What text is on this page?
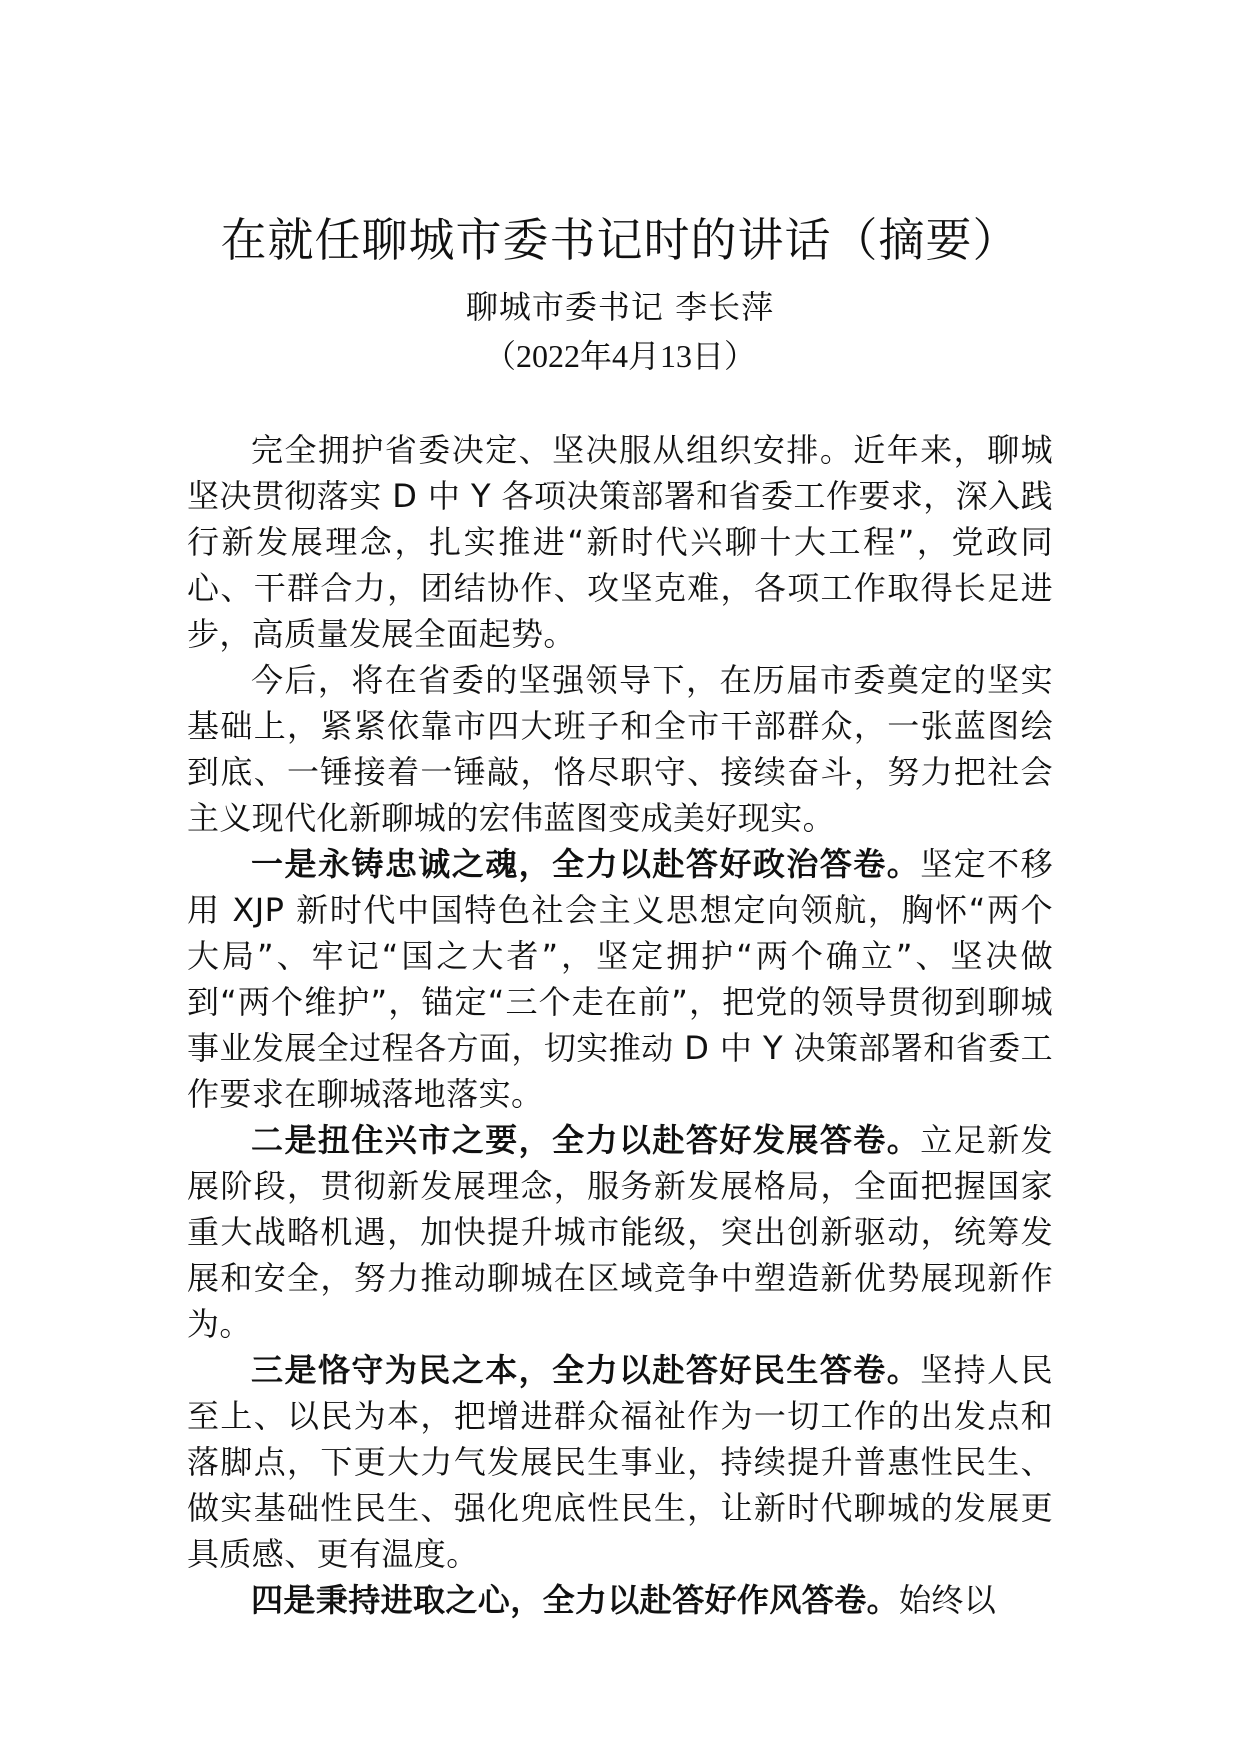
在就任聊城市委书记时的讲话（摘要）
聊城市委书记 李长萍
（2022年4月13日）

完全拥护省委决定、坚决服从组织安排。近年来，聊城坚决贯彻落实 D 中 Y 各项决策部署和省委工作要求，深入践行新发展理念，扎实推进“新时代兴聊十大工程”，党政同心、干群合力，团结协作、攻坚克难，各项工作取得长足进步，高质量发展全面起势。

今后，将在省委的坚强领导下，在历届市委奠定的坚实基础上，紧紧依靠市四大班子和全市干部群众，一张蓝图绘到底、一锤接着一锤敲，恪尽职守、接续奋斗，努力把社会主义现代化新聊城的宏伟蓝图变成美好现实。

一是永铸忠诚之魂，全力以赴答好政治答卷。坚定不移用 XJP 新时代中国特色社会主义思想定向领航，胸怀“两个大局”、牢记“国之大者”，坚定拥护“两个确立”、坚决做到“两个维护”，锚定“三个走在前”，把党的领导贯彻到聊城事业发展全过程各方面，切实推动 D 中 Y 决策部署和省委工作要求在聊城落地落实。

二是扭住兴市之要，全力以赴答好发展答卷。立足新发展阶段，贯彻新发展理念，服务新发展格局，全面把握国家重大战略机遇，加快提升城市能级，突出创新驱动，统筹发展和安全，努力推动聊城在区域竞争中塑造新优势展现新作为。

三是恪守为民之本，全力以赴答好民生答卷。坚持人民至上、以民为本，把增进群众福祉作为一切工作的出发点和落脚点，下更大力气发展民生事业，持续提升普惠性民生、做实基础性民生、强化兜底性民生，让新时代聊城的发展更具质感、更有温度。

四是秉持进取之心，全力以赴答好作风答卷。始终以
